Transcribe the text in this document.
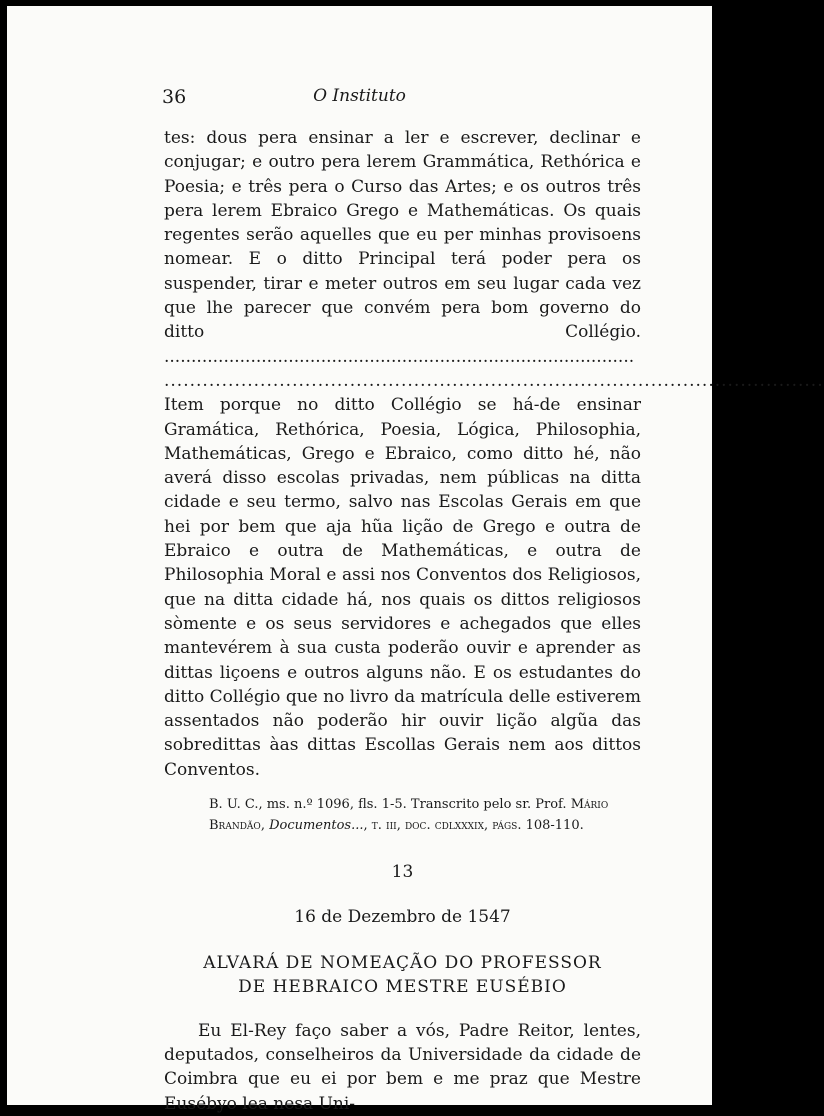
36	O Instituto

tes: dous pera ensinar a ler e escrever, declinar e conjugar; e outro pera lerem Grammática, Rethórica e Poesia; e três pera o Curso das Artes; e os outros três pera lerem Ebraico Grego e Mathemáticas. Os quais regentes serão aquelles que eu per minhas provisoens nomear. E o ditto Principal terá poder pera os suspender, tirar e meter outros em seu lugar cada vez que lhe parecer que convém pera bom governo do ditto Collégio. .......................................................................................

.......................................................................................................

Item porque no ditto Collégio se há-de ensinar Gramática, Rethórica, Poesia, Lógica, Philosophia, Mathemáticas, Grego e Ebraico, como ditto hé, não averá disso escolas privadas, nem públicas na ditta cidade e seu termo, salvo nas Escolas Gerais em que hei por bem que aja hũa lição de Grego e outra de Ebraico e outra de Mathemáticas, e outra de Philosophia Moral e assi nos Conventos dos Religiosos, que na ditta cidade há, nos quais os dittos religiosos sòmente e os seus servidores e achegados que elles mantevérem à sua custa poderão ouvir e aprender as dittas liçoens e outros alguns não. E os estudantes do ditto Collégio que no livro da matrícula delle estiverem assentados não poderão hir ouvir lição algũa das sobredittas àas dittas Escollas Gerais nem aos dittos Conventos.

B. U. C., ms. n.º 1096, fls. 1-5. Transcrito pelo sr. Prof. Mário Brandão, Documentos..., t. iii, doc. cdlxxxix, págs. 108-110.
13
16 de Dezembro de 1547
ALVARÁ DE NOMEAÇÃO DO PROFESSOR
DE HEBRAICO MESTRE EUSÉBIO

Eu El-Rey faço saber a vós, Padre Reitor, lentes, deputados, conselheiros da Universidade da cidade de Coimbra que eu ei por bem e me praz que Mestre Eusébyo lea nesa Uni-
